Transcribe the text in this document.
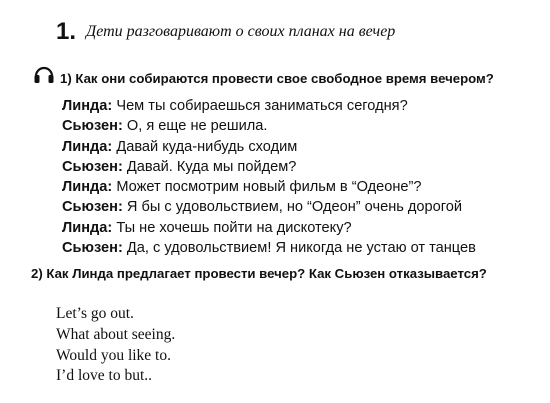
1. Дети разговаривают о своих планах на вечер
1) Как они собираются провести свое свободное время вечером?
Линда: Чем ты собираешься заниматься сегодня?
Сьюзен: О, я еще не решила.
Линда: Давай куда-нибудь сходим
Сьюзен: Давай. Куда мы пойдем?
Линда: Может посмотрим новый фильм в “Одеоне”?
Сьюзен: Я бы с удовольствием, но “Одеон” очень дорогой
Линда: Ты не хочешь пойти на дискотеку?
Сьюзен: Да, с удовольствием! Я никогда не устаю от танцев
2) Как Линда предлагает провести вечер? Как Сьюзен отказывается?
Let’s go out.
What about seeing.
Would you like to.
I’d love to but..
